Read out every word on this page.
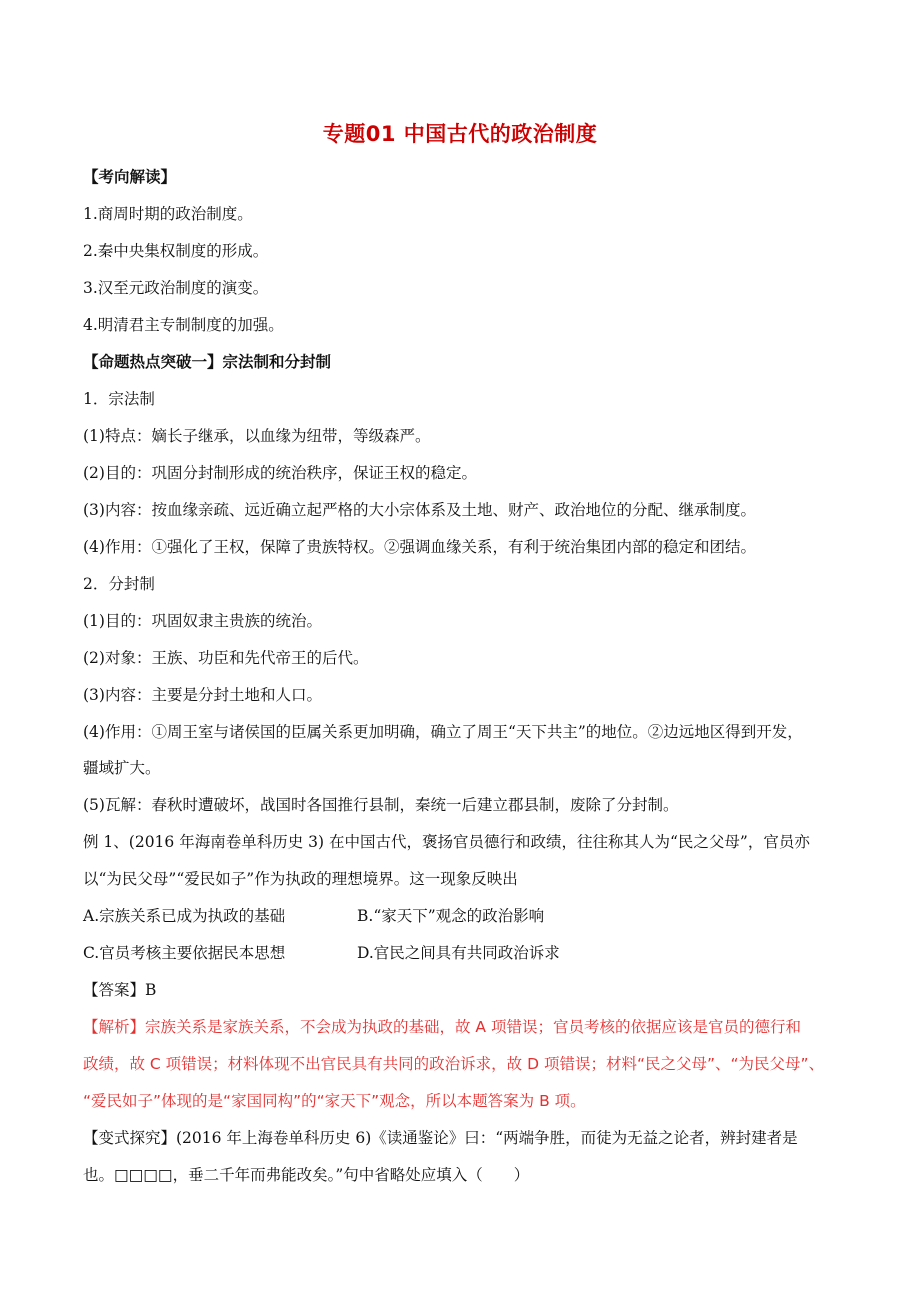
专题01 中国古代的政治制度
【考向解读】
1.商周时期的政治制度。
2.秦中央集权制度的形成。
3.汉至元政治制度的演变。
4.明清君主专制制度的加强。
【命题热点突破一】宗法制和分封制
1．宗法制
(1)特点：嫡长子继承，以血缘为纽带，等级森严。
(2)目的：巩固分封制形成的统治秩序，保证王权的稳定。
(3)内容：按血缘亲疏、远近确立起严格的大小宗体系及土地、财产、政治地位的分配、继承制度。
(4)作用：①强化了王权，保障了贵族特权。②强调血缘关系，有利于统治集团内部的稳定和团结。
2．分封制
(1)目的：巩固奴隶主贵族的统治。
(2)对象：王族、功臣和先代帝王的后代。
(3)内容：主要是分封土地和人口。
(4)作用：①周王室与诸侯国的臣属关系更加明确，确立了周王“天下共主”的地位。②边远地区得到开发，
疆域扩大。
(5)瓦解：春秋时遭破坏，战国时各国推行县制，秦统一后建立郡县制，废除了分封制。
例 1、(2016 年海南卷单科历史 3) 在中国古代，褒扬官员德行和政绩，往往称其人为“民之父母”，官员亦
以“为民父母”“爱民如子”作为执政的理想境界。这一现象反映出
A.宗族关系已成为执政的基础	B.“家天下”观念的政治影响
C.官员考核主要依据民本思想	D.官民之间具有共同政治诉求
【答案】B
【解析】宗族关系是家族关系，不会成为执政的基础，故 A 项错误；官员考核的依据应该是官员的德行和
政绩，故 C 项错误；材料体现不出官民具有共同的政治诉求，故 D 项错误；材料“民之父母”、“为民父母”、
“爱民如子”体现的是“家国同构”的“家天下”观念，所以本题答案为 B 项。
【变式探究】(2016 年上海卷单科历史 6)《读通鉴论》曰：“两端争胜，而徒为无益之论者，辨封建者是
也。□□□□，垂二千年而弗能改矣。”句中省略处应填入（　　）
